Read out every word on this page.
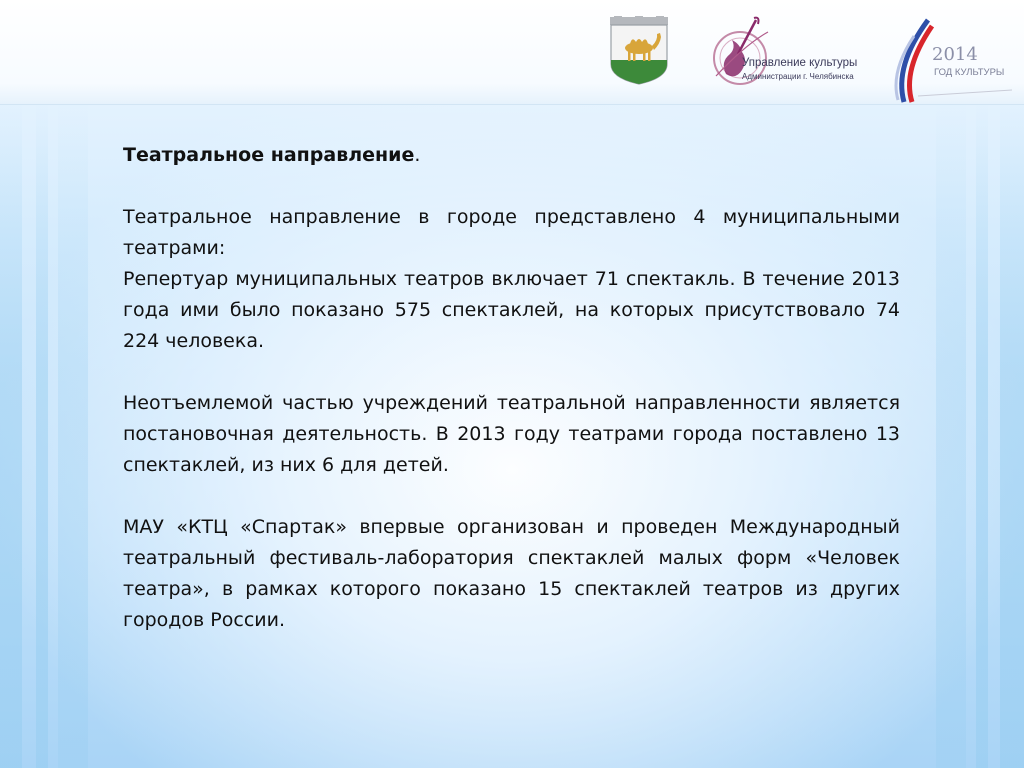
Управление культуры
Администрации г. Челябинска
2014
ГОД КУЛЬТУРЫ

Театральное направление.

Театральное направление в городе представлено 4 муниципальными театрами:

Репертуар муниципальных театров включает 71 спектакль. В течение 2013 года ими было показано 575 спектаклей, на которых присутствовало 74 224 человека.

Неотъемлемой частью учреждений театральной направленности является постановочная деятельность. В 2013 году театрами города поставлено 13 спектаклей, из них 6 для детей.

МАУ «КТЦ «Спартак» впервые организован и проведен Международный театральный фестиваль-лаборатория спектаклей малых форм «Человек театра», в рамках которого показано 15 спектаклей театров из других городов России.
